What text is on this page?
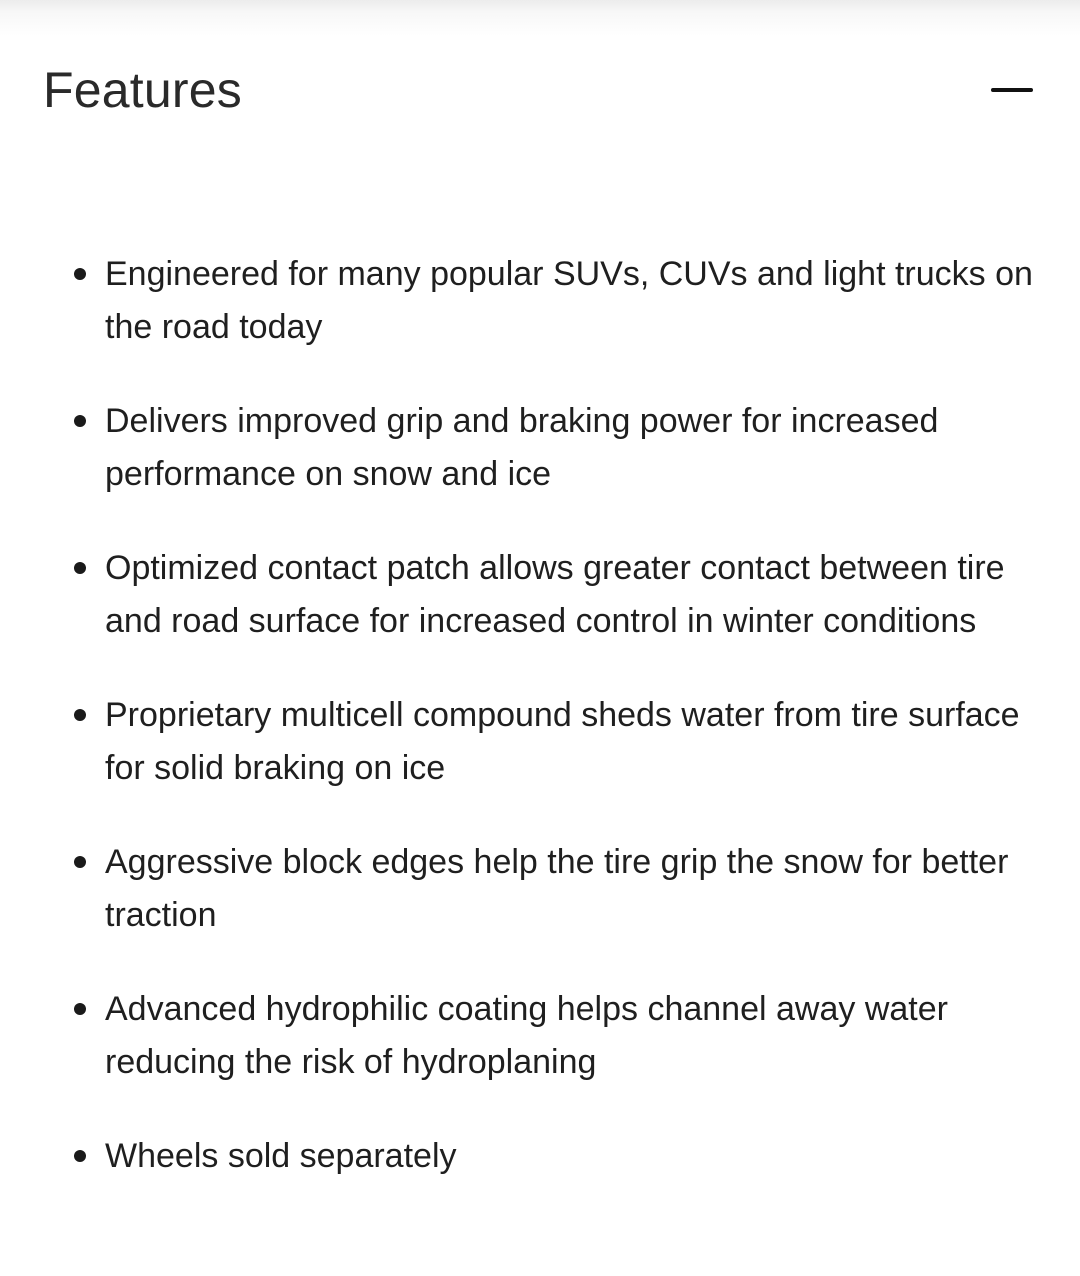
Features
Engineered for many popular SUVs, CUVs and light trucks on the road today
Delivers improved grip and braking power for increased performance on snow and ice
Optimized contact patch allows greater contact between tire and road surface for increased control in winter conditions
Proprietary multicell compound sheds water from tire surface for solid braking on ice
Aggressive block edges help the tire grip the snow for better traction
Advanced hydrophilic coating helps channel away water reducing the risk of hydroplaning
Wheels sold separately
